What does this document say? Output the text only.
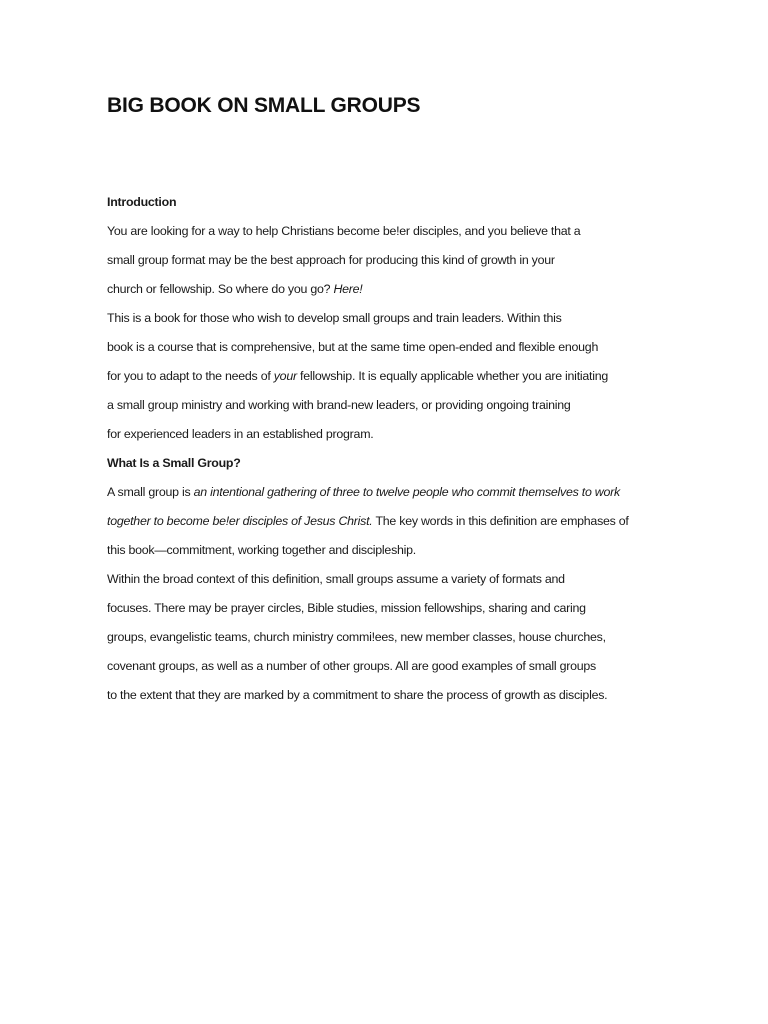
BIG BOOK ON SMALL GROUPS
Introduction
You are looking for a way to help Christians become be!er disciples, and you believe that a
small group format may be the best approach for producing this kind of growth in your
church or fellowship. So where do you go? Here!
This is a book for those who wish to develop small groups and train leaders. Within this
book is a course that is comprehensive, but at the same time open-ended and flexible enough
for you to adapt to the needs of your fellowship. It is equally applicable whether you are initiating
a small group ministry and working with brand-new leaders, or providing ongoing training
for experienced leaders in an established program.
What Is a Small Group?
A small group is an intentional gathering of three to twelve people who commit themselves to work
together to become be!er disciples of Jesus Christ. The key words in this definition are emphases of
this book—commitment, working together and discipleship.
Within the broad context of this definition, small groups assume a variety of formats and
focuses. There may be prayer circles, Bible studies, mission fellowships, sharing and caring
groups, evangelistic teams, church ministry commi!ees, new member classes, house churches,
covenant groups, as well as a number of other groups. All are good examples of small groups
to the extent that they are marked by a commitment to share the process of growth as disciples.
